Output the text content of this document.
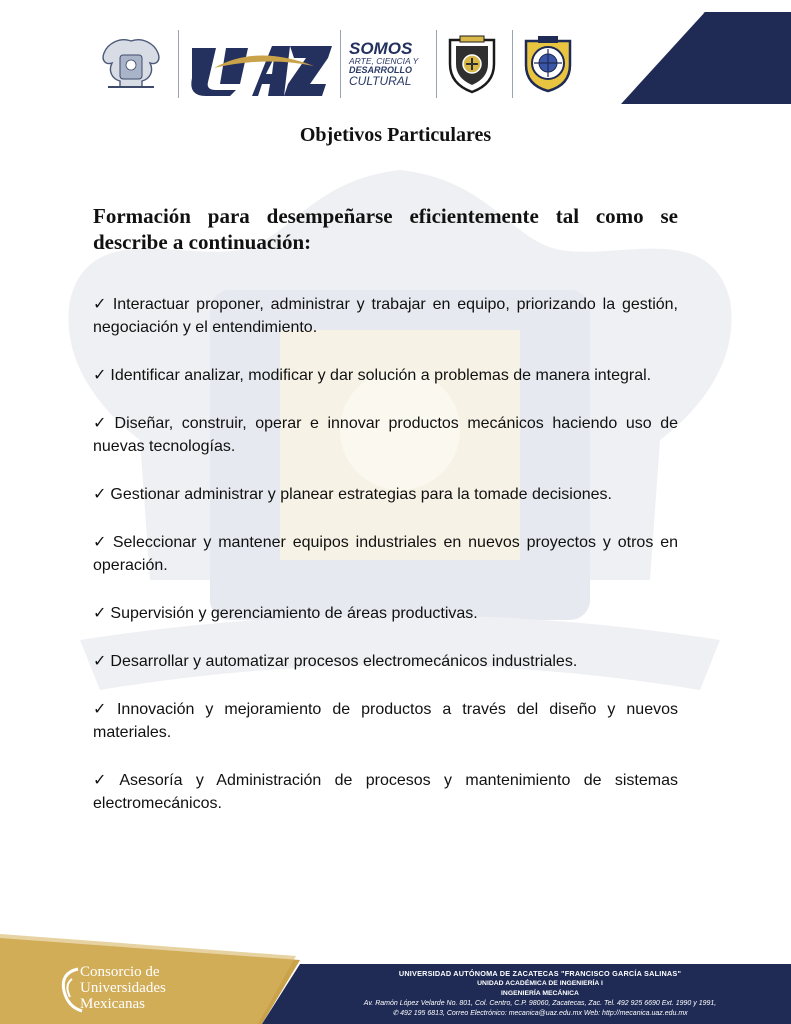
SOMOS
ARTE, CIENCIA Y
DESARROLLO
CULTURAL
Objetivos Particulares
Formación para desempeñarse eficientemente tal como se describe a continuación:
✓ Interactuar proponer, administrar y trabajar en equipo, priorizando la gestión, negociación y el entendimiento.
✓ Identificar analizar, modificar y dar solución a problemas de manera integral.
✓ Diseñar, construir, operar e innovar productos mecánicos haciendo uso de nuevas tecnologías.
✓ Gestionar administrar y planear estrategias para la tomade decisiones.
✓ Seleccionar y mantener equipos industriales en nuevos proyectos y otros en operación.
✓ Supervisión y gerenciamiento de áreas productivas.
✓ Desarrollar y automatizar procesos electromecánicos industriales.
✓ Innovación y mejoramiento de productos a través del diseño y nuevos materiales.
✓ Asesoría y Administración de procesos y mantenimiento de sistemas electromecánicos.
Consorcio de
Universidades
Mexicanas
UNIVERSIDAD AUTÓNOMA DE ZACATECAS "FRANCISCO GARCÍA SALINAS"
UNIDAD ACADÉMICA DE INGENIERÍA I
INGENIERÍA MECÁNICA
Av. Ramón López Velarde No. 801, Col. Centro, C.P. 98060, Zacatecas, Zac. Tel. 492 925 6690 Ext. 1990 y 1991,
✆ 492 195 6813, Correo Electrónico: mecanica@uaz.edu.mx Web: http://mecanica.uaz.edu.mx
